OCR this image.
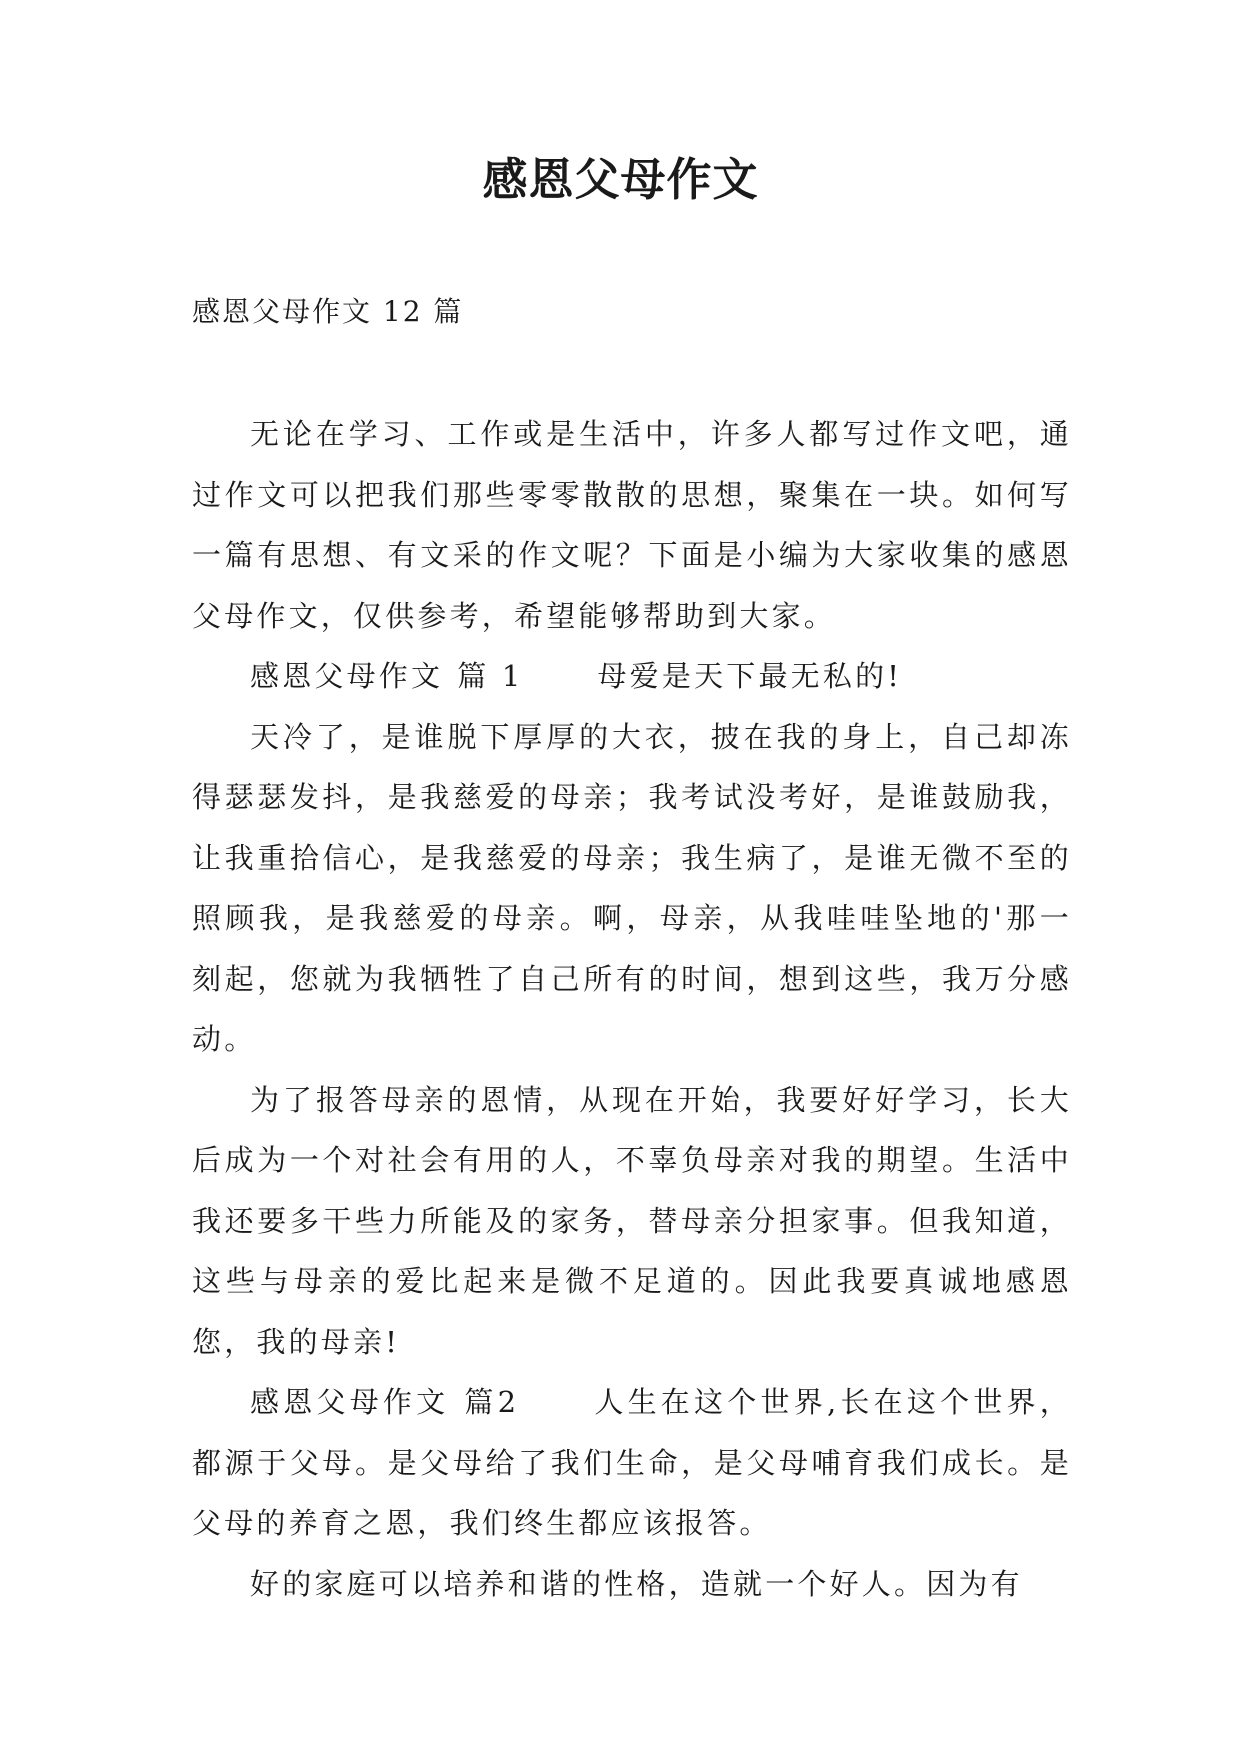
感恩父母作文

感恩父母作文 12 篇

无论在学习、工作或是生活中，许多人都写过作文吧，通过作文可以把我们那些零零散散的思想，聚集在一块。如何写一篇有思想、有文采的作文呢？下面是小编为大家收集的感恩父母作文，仅供参考，希望能够帮助到大家。

感恩父母作文 篇 1	母爱是天下最无私的!

天冷了，是谁脱下厚厚的大衣，披在我的身上，自己却冻得瑟瑟发抖，是我慈爱的母亲；我考试没考好，是谁鼓励我，让我重拾信心，是我慈爱的母亲；我生病了，是谁无微不至的照顾我，是我慈爱的母亲。啊，母亲，从我哇哇坠地的'那一刻起，您就为我牺牲了自己所有的时间，想到这些，我万分感动。

为了报答母亲的恩情，从现在开始，我要好好学习，长大后成为一个对社会有用的人，不辜负母亲对我的期望。生活中我还要多干些力所能及的家务，替母亲分担家事。但我知道，这些与母亲的爱比起来是微不足道的。因此我要真诚地感恩您，我的母亲!

感恩父母作文 篇2	人生在这个世界,长在这个世界，都源于父母。是父母给了我们生命，是父母哺育我们成长。是父母的养育之恩，我们终生都应该报答。

好的家庭可以培养和谐的性格，造就一个好人。因为有
